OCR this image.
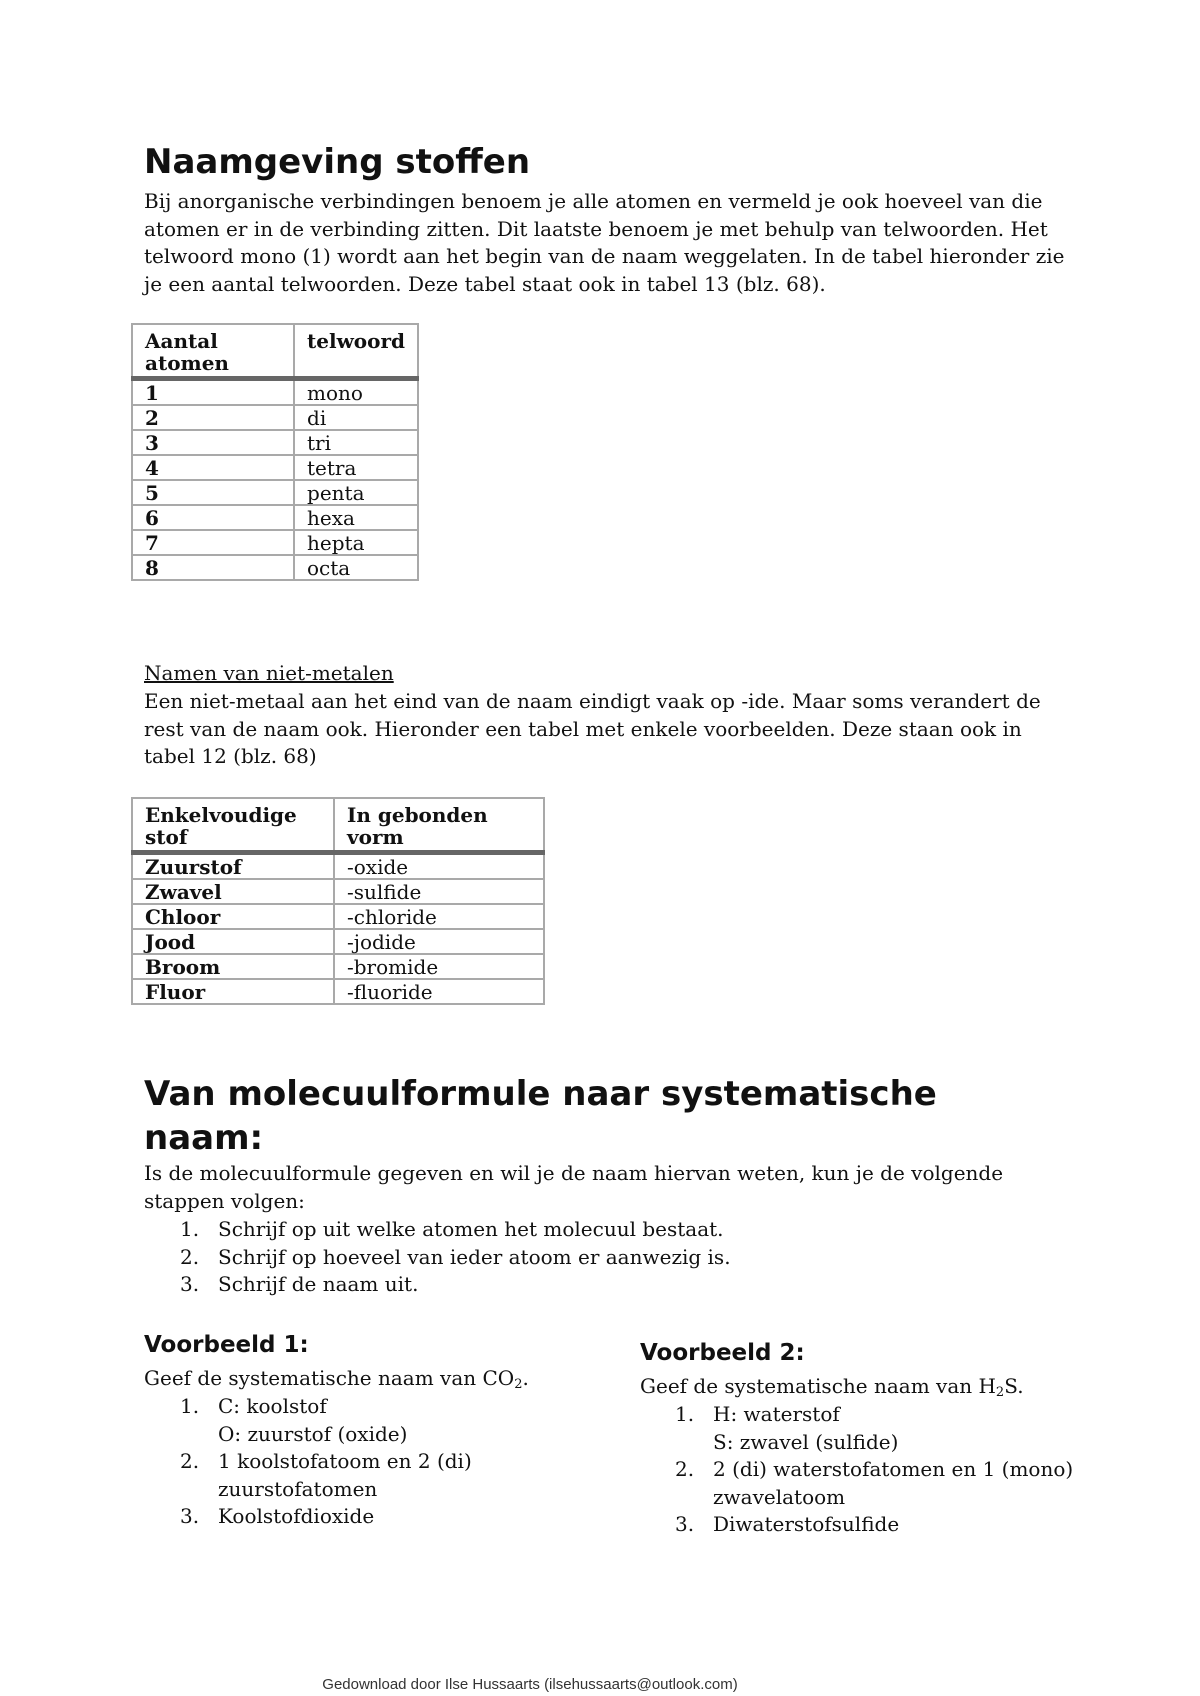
Naamgeving stoffen

Bij anorganische verbindingen benoem je alle atomen en vermeld je ook hoeveel van die atomen er in de verbinding zitten. Dit laatste benoem je met behulp van telwoorden. Het telwoord mono (1) wordt aan het begin van de naam weggelaten. In de tabel hieronder zie je een aantal telwoorden. Deze tabel staat ook in tabel 13 (blz. 68).

Aantal atomen	telwoord
1	mono
2	di
3	tri
4	tetra
5	penta
6	hexa
7	hepta
8	octa

Namen van niet-metalen

Een niet-metaal aan het eind van de naam eindigt vaak op -ide. Maar soms verandert de rest van de naam ook. Hieronder een tabel met enkele voorbeelden. Deze staan ook in tabel 12 (blz. 68)

Enkelvoudige stof	In gebonden vorm
Zuurstof	-oxide
Zwavel	-sulfide
Chloor	-chloride
Jood	-jodide
Broom	-bromide
Fluor	-fluoride
Van molecuulformule naar systematische naam:

Is de molecuulformule gegeven en wil je de naam hiervan weten, kun je de volgende stappen volgen:

1. Schrijf op uit welke atomen het molecuul bestaat.
2. Schrijf op hoeveel van ieder atoom er aanwezig is.
3. Schrijf de naam uit.
Voorbeeld 1:

Geef de systematische naam van $CO_2$.

1. C: koolstof
O: zuurstof (oxide)
2. 1 koolstofatoom en 2 (di)
zuurstofatomen
3. Koolstofdioxide
Voorbeeld 2:

Geef de systematische naam van $H_2S$.

1. H: waterstof
S: zwavel (sulfide)
2. 2 (di) waterstofatomen en 1 (mono)
zwavelatoom
3. Diwaterstofsulfide
Gedownload door Ilse Hussaarts (ilsehussaarts@outlook.com)
